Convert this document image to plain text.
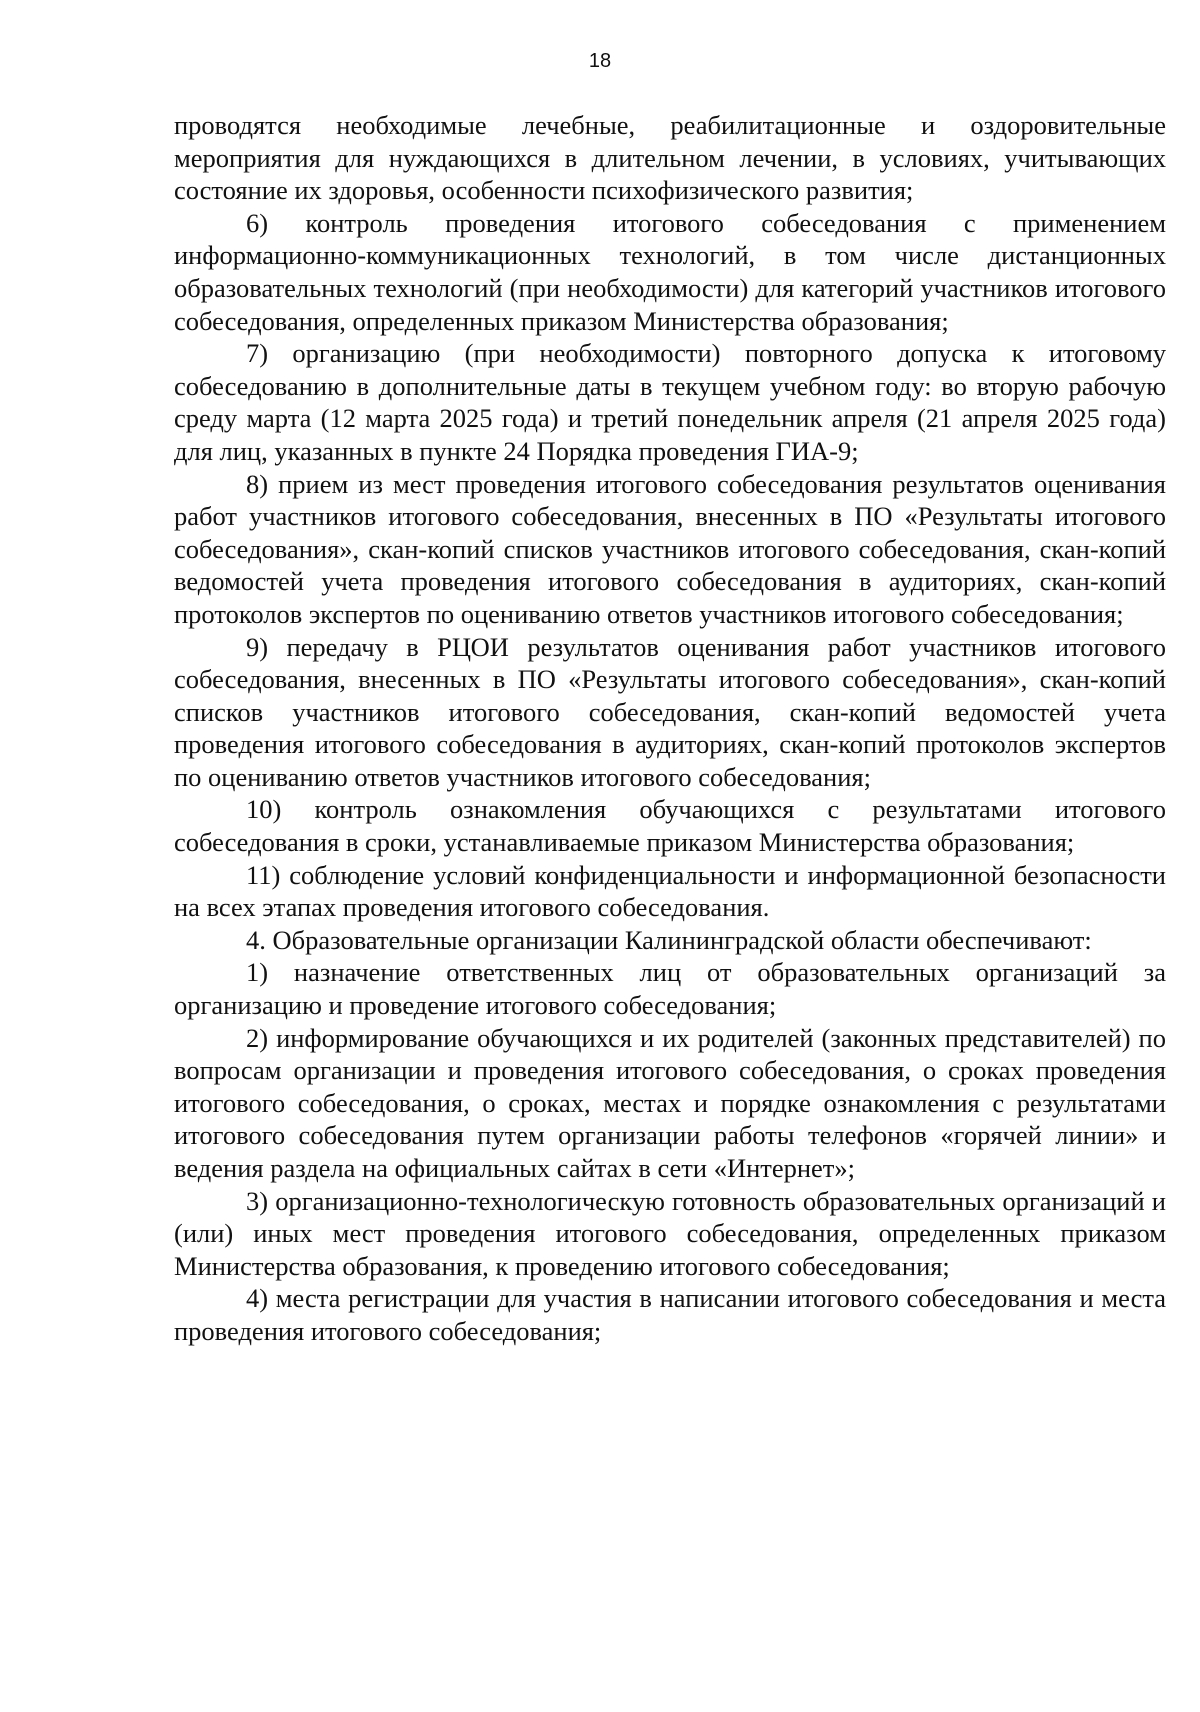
18

проводятся необходимые лечебные, реабилитационные и оздоровительные мероприятия для нуждающихся в длительном лечении, в условиях, учитывающих состояние их здоровья, особенности психофизического развития;

6) контроль проведения итогового собеседования с применением информационно-коммуникационных технологий, в том числе дистанционных образовательных технологий (при необходимости) для категорий участников итогового собеседования, определенных приказом Министерства образования;

7) организацию (при необходимости) повторного допуска к итоговому собеседованию в дополнительные даты в текущем учебном году: во вторую рабочую среду марта (12 марта 2025 года) и третий понедельник апреля (21 апреля 2025 года) для лиц, указанных в пункте 24 Порядка проведения ГИА-9;

8) прием из мест проведения итогового собеседования результатов оценивания работ участников итогового собеседования, внесенных в ПО «Результаты итогового собеседования», скан-копий списков участников итогового собеседования, скан-копий ведомостей учета проведения итогового собеседования в аудиториях, скан-копий протоколов экспертов по оцениванию ответов участников итогового собеседования;

9) передачу в РЦОИ результатов оценивания работ участников итогового собеседования, внесенных в ПО «Результаты итогового собеседования», скан-копий списков участников итогового собеседования, скан-копий ведомостей учета проведения итогового собеседования в аудиториях, скан-копий протоколов экспертов по оцениванию ответов участников итогового собеседования;

10) контроль ознакомления обучающихся с результатами итогового собеседования в сроки, устанавливаемые приказом Министерства образования;

11) соблюдение условий конфиденциальности и информационной безопасности на всех этапах проведения итогового собеседования.

4. Образовательные организации Калининградской области обеспечивают:

1) назначение ответственных лиц от образовательных организаций за организацию и проведение итогового собеседования;

2) информирование обучающихся и их родителей (законных представителей) по вопросам организации и проведения итогового собеседования, о сроках проведения итогового собеседования, о сроках, местах и порядке ознакомления с результатами итогового собеседования путем организации работы телефонов «горячей линии» и ведения раздела на официальных сайтах в сети «Интернет»;

3) организационно-технологическую готовность образовательных организаций и (или) иных мест проведения итогового собеседования, определенных приказом Министерства образования, к проведению итогового собеседования;

4) места регистрации для участия в написании итогового собеседования и места проведения итогового собеседования;
